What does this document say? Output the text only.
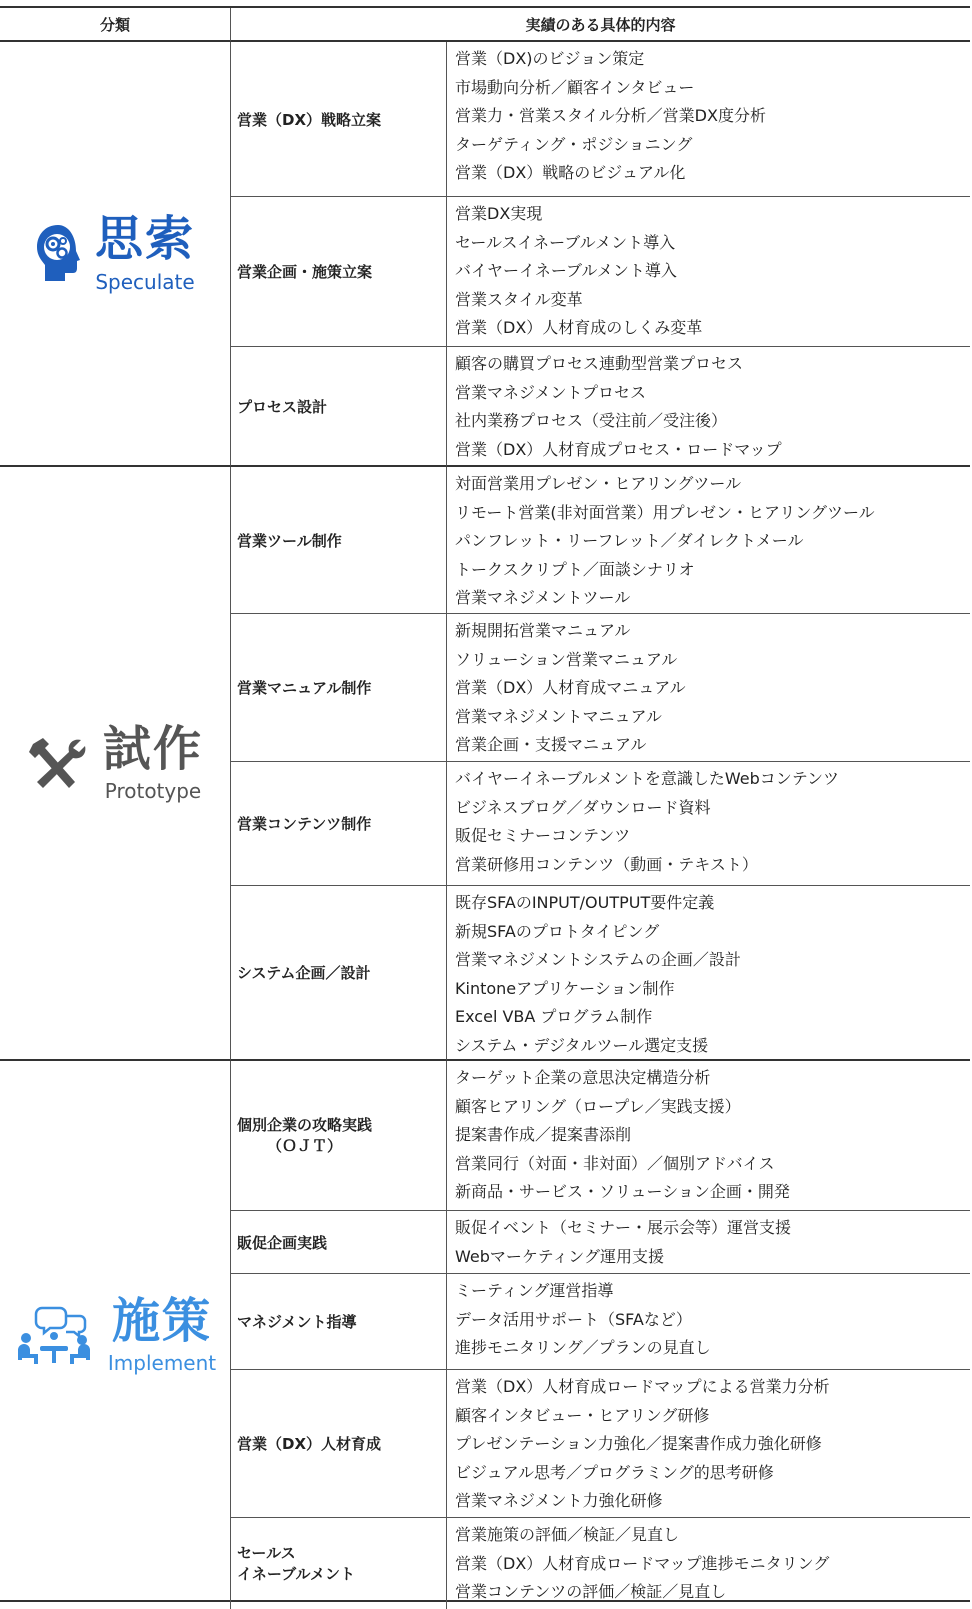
分類	実績のある具体的内容
思索
Speculate
営業（DX）戦略立案
営業（DX)のビジョン策定
市場動向分析／顧客インタビュー
営業力・営業スタイル分析／営業DX度分析
ターゲティング・ポジショニング
営業（DX）戦略のビジュアル化
営業企画・施策立案
営業DX実現
セールスイネーブルメント導入
バイヤーイネーブルメント導入
営業スタイル変革
営業（DX）人材育成のしくみ変革
プロセス設計
顧客の購買プロセス連動型営業プロセス
営業マネジメントプロセス
社内業務プロセス（受注前／受注後）
営業（DX）人材育成プロセス・ロードマップ
試作
Prototype
営業ツール制作
対面営業用プレゼン・ヒアリングツール
リモート営業(非対面営業）用プレゼン・ヒアリングツール
パンフレット・リーフレット／ダイレクトメール
トークスクリプト／面談シナリオ
営業マネジメントツール
営業マニュアル制作
新規開拓営業マニュアル
ソリューション営業マニュアル
営業（DX）人材育成マニュアル
営業マネジメントマニュアル
営業企画・支援マニュアル
営業コンテンツ制作
バイヤーイネーブルメントを意識したWebコンテンツ
ビジネスブログ／ダウンロード資料
販促セミナーコンテンツ
営業研修用コンテンツ（動画・テキスト）
システム企画／設計
既存SFAのINPUT/OUTPUT要件定義
新規SFAのプロトタイピング
営業マネジメントシステムの企画／設計
Kintoneアプリケーション制作
Excel VBA プログラム制作
システム・デジタルツール選定支援
施策
Implement
個別企業の攻略実践
（ＯＪＴ）
ターゲット企業の意思決定構造分析
顧客ヒアリング（ロープレ／実践支援）
提案書作成／提案書添削
営業同行（対面・非対面）／個別アドバイス
新商品・サービス・ソリューション企画・開発
販促企画実践
販促イベント（セミナー・展示会等）運営支援
Webマーケティング運用支援
マネジメント指導
ミーティング運営指導
データ活用サポート（SFAなど）
進捗モニタリング／プランの見直し
営業（DX）人材育成
営業（DX）人材育成ロードマップによる営業力分析
顧客インタビュー・ヒアリング研修
プレゼンテーション力強化／提案書作成力強化研修
ビジュアル思考／プログラミング的思考研修
営業マネジメント力強化研修
セールス
イネーブルメント
営業施策の評価／検証／見直し
営業（DX）人材育成ロードマップ進捗モニタリング
営業コンテンツの評価／検証／見直し
